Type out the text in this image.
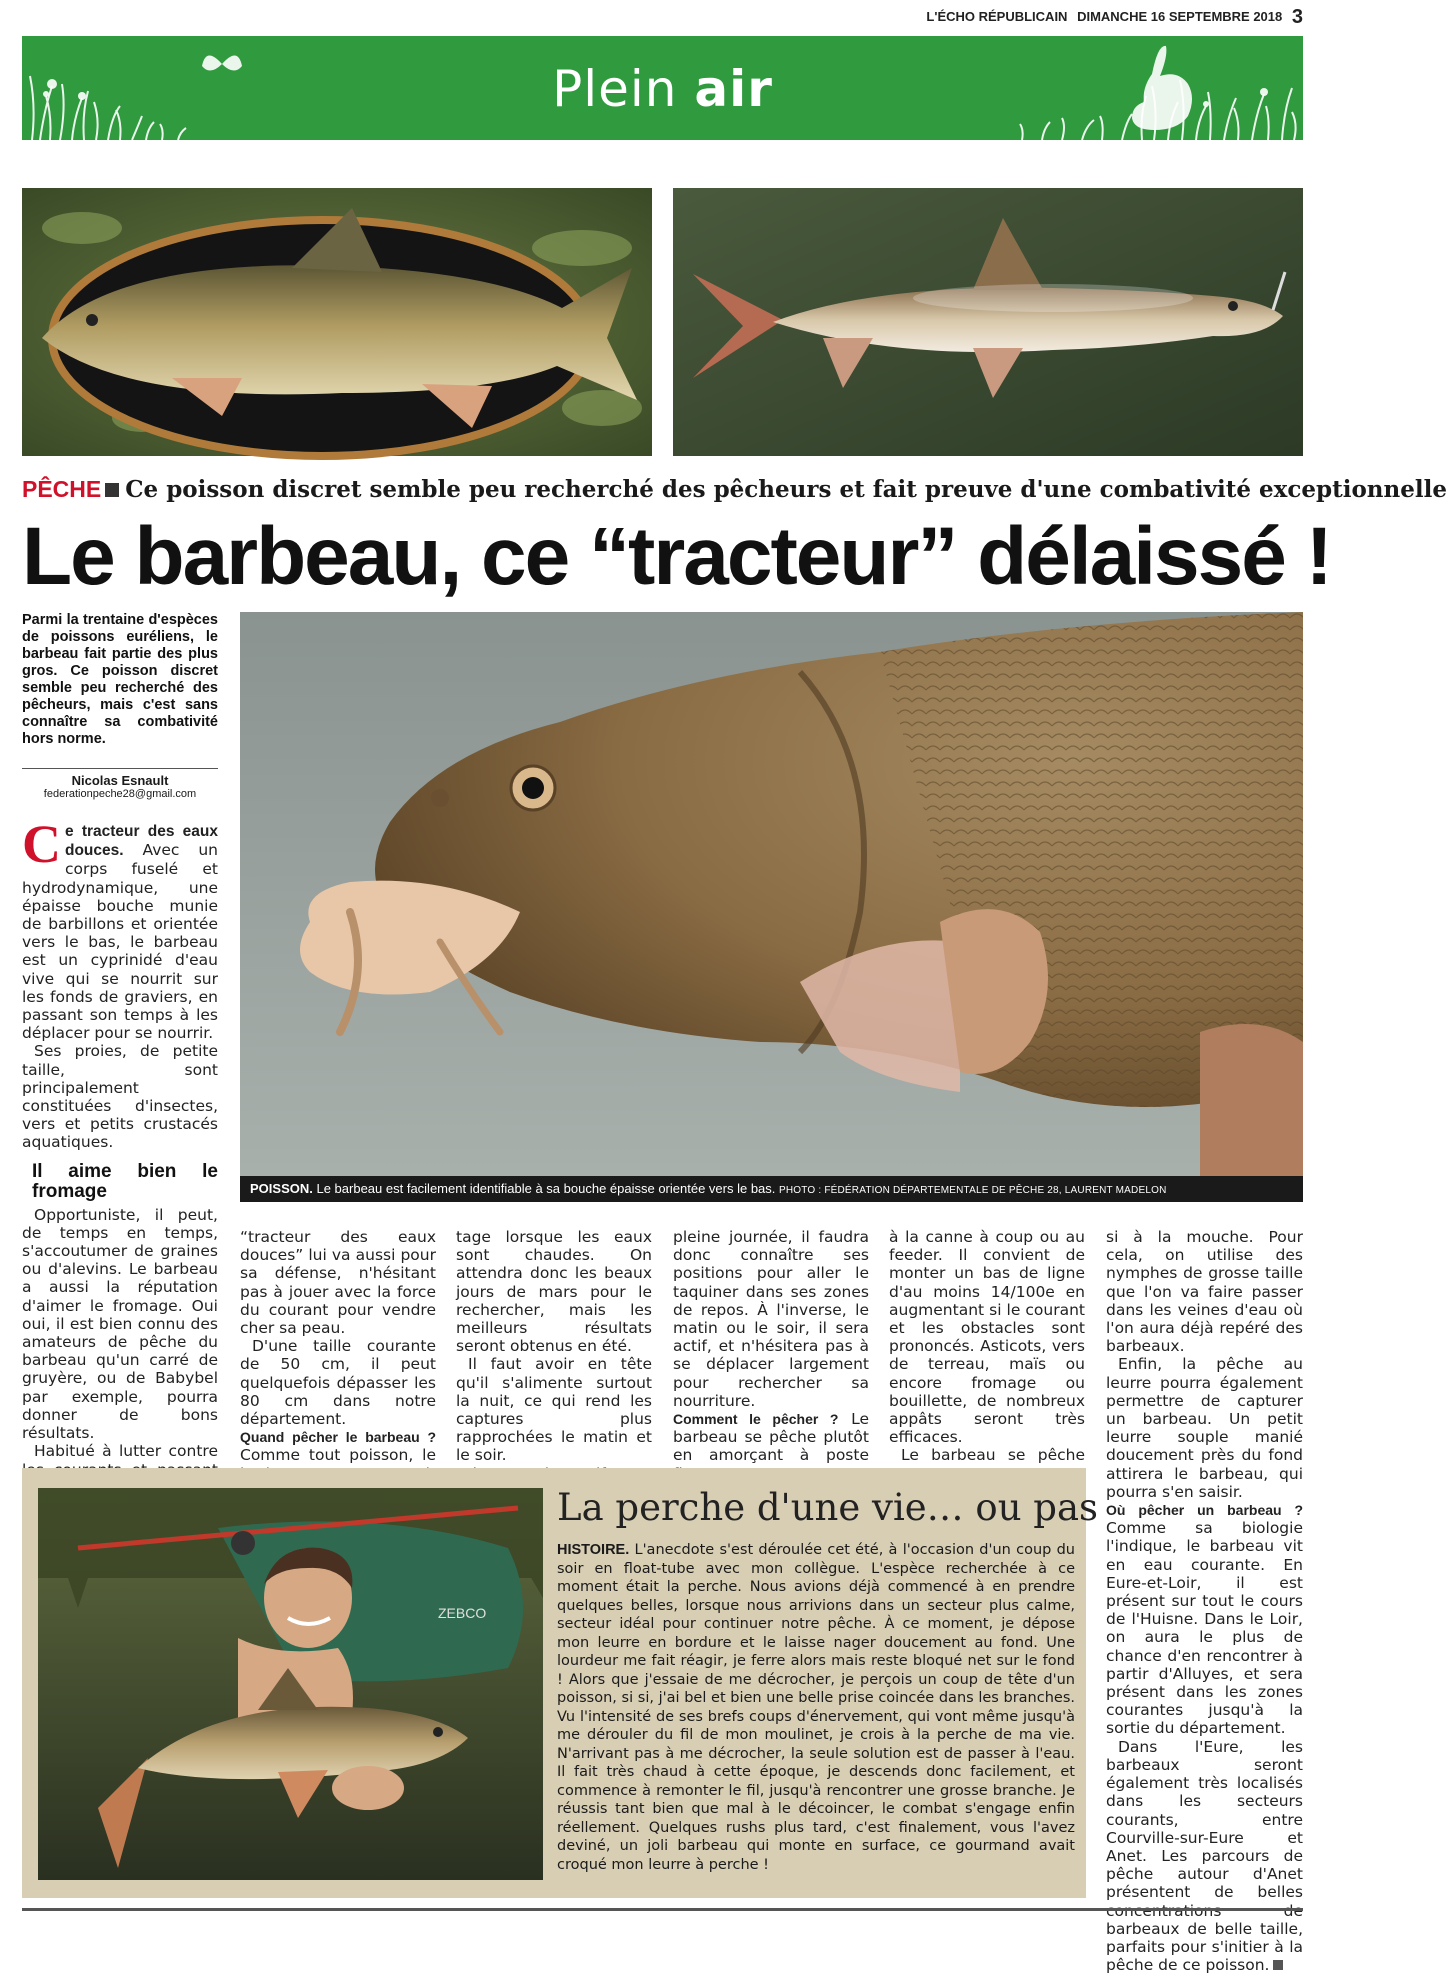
L'ÉCHO RÉPUBLICAIN DIMANCHE 16 SEPTEMBRE 2018 3
Plein air
PÊCHE Ce poisson discret semble peu recherché des pêcheurs et fait preuve d'une combativité exceptionnelle
Le barbeau, ce “tracteur” délaissé !
Parmi la trentaine d'espèces de poissons euréliens, le barbeau fait partie des plus gros. Ce poisson discret semble peu recherché des pêcheurs, mais c'est sans connaître sa combativité hors norme.
Nicolas Esnault
federationpeche28@gmail.com
POISSON. Le barbeau est facilement identifiable à sa bouche épaisse orientée vers le bas. PHOTO : FÉDÉRATION DÉPARTEMENTALE DE PÊCHE 28, LAURENT MADELON

C e tracteur des eaux douces. Avec un corps fuselé et hydrodynamique, une épaisse bouche munie de barbillons et orientée vers le bas, le barbeau est un cyprinidé d'eau vive qui se nourrit sur les fonds de graviers, en passant son temps à les déplacer pour se nourrir.

Ses proies, de petite taille, sont principalement constituées d'insectes, vers et petits crustacés aquatiques.

Il aime bien le fromage

Opportuniste, il peut, de temps en temps, s'accoutumer de graines ou d'alevins. Le barbeau a aussi la réputation d'aimer le fromage. Oui oui, il est bien connu des amateurs de pêche du barbeau qu'un carré de gruyère, ou de Babybel par exemple, pourra donner de bons résultats.

Habitué à lutter contre

“tracteur des eaux douces” lui va aussi pour sa défense, n'hésitant pas à jouer avec la force du courant pour vendre cher sa peau.

D'une taille courante de 50 cm, il peut quelquefois dépasser les 80 cm dans notre département.

Quand pêcher le barbeau ? Comme tout poisson, le

tage lorsque les eaux sont chaudes. On attendra donc les beaux jours de mars pour le rechercher, mais les meilleurs résultats seront obtenus en été.

Il faut avoir en tête qu'il s'alimente surtout la nuit, ce qui rend les captures plus rapprochées le matin et le soir.

pleine journée, il faudra donc connaître ses positions pour aller le taquiner dans ses zones de repos. À l'inverse, le matin ou le soir, il sera actif, et n'hésitera pas à se déplacer largement pour rechercher sa nourriture.

Comment le pêcher ? Le barbeau se pêche plutôt en amorçant à poste

à la canne à coup ou au feeder. Il convient de monter un bas de ligne d'au moins 14/100e en augmentant si le courant et les obstacles sont prononcés. Asticots, vers de terreau, maïs ou encore fromage ou bouillette, de nombreux appâts seront très efficaces.

Le barbeau se pêche

si à la mouche. Pour cela, on utilise des nymphes de grosse taille que l'on va faire passer dans les veines d'eau où l'on aura déjà repéré des barbeaux.

Enfin, la pêche au leurre pourra également permettre de capturer un barbeau. Un petit leurre souple manié doucement près du fond attirera le barbeau, qui pourra s'en saisir.

Où pêcher un barbeau ? Comme sa biologie l'indique, le barbeau vit en eau courante. En Eure-et-Loir, il est présent sur tout le cours de l'Huisne. Dans le Loir, on aura le plus de chance d'en rencontrer à partir d'Alluyes, et sera présent dans les zones courantes jusqu'à la sortie du département.

Dans l'Eure, les barbeaux seront également très localisés dans les secteurs courants, entre Courville-sur-Eure et Anet. Les parcours de pêche autour d'Anet présentent de belles barbeaux de belle taille, parfaits pour s'initier à la pêche de ce poisson.

ZEBCO
La perche d'une vie… ou pas
HISTOIRE. L'anecdote s'est déroulée cet été, à l'occasion d'un coup du soir en float-tube avec mon collègue. L'espèce recherchée à ce moment était la perche. Nous avions déjà commencé à en prendre quelques belles, lorsque nous arrivions dans un secteur plus calme, secteur idéal pour continuer notre pêche. À ce moment, je dépose mon leurre en bordure et le laisse nager doucement au fond. Une lourdeur me fait réagir, je ferre alors mais reste bloqué net sur le fond ! Alors que j'essaie de me décrocher, je perçois un coup de tête d'un poisson, si si, j'ai bel et bien une belle prise coincée dans les branches. Vu l'intensité de ses brefs coups d'énervement, qui vont même jusqu'à me dérouler du fil de mon moulinet, je crois à la perche de ma vie. N'arrivant pas à me décrocher, la seule solution est de passer à l'eau. Il fait très chaud à cette époque, je descends donc facilement, et commence à remonter le fil, jusqu'à rencontrer une grosse branche. Je réussis tant bien que mal à le décoincer, le combat s'engage enfin réellement. Quelques rushs plus tard, c'est finalement, vous l'avez deviné, un joli barbeau qui monte en surface, ce gourmand avait croqué mon leurre à perche !
